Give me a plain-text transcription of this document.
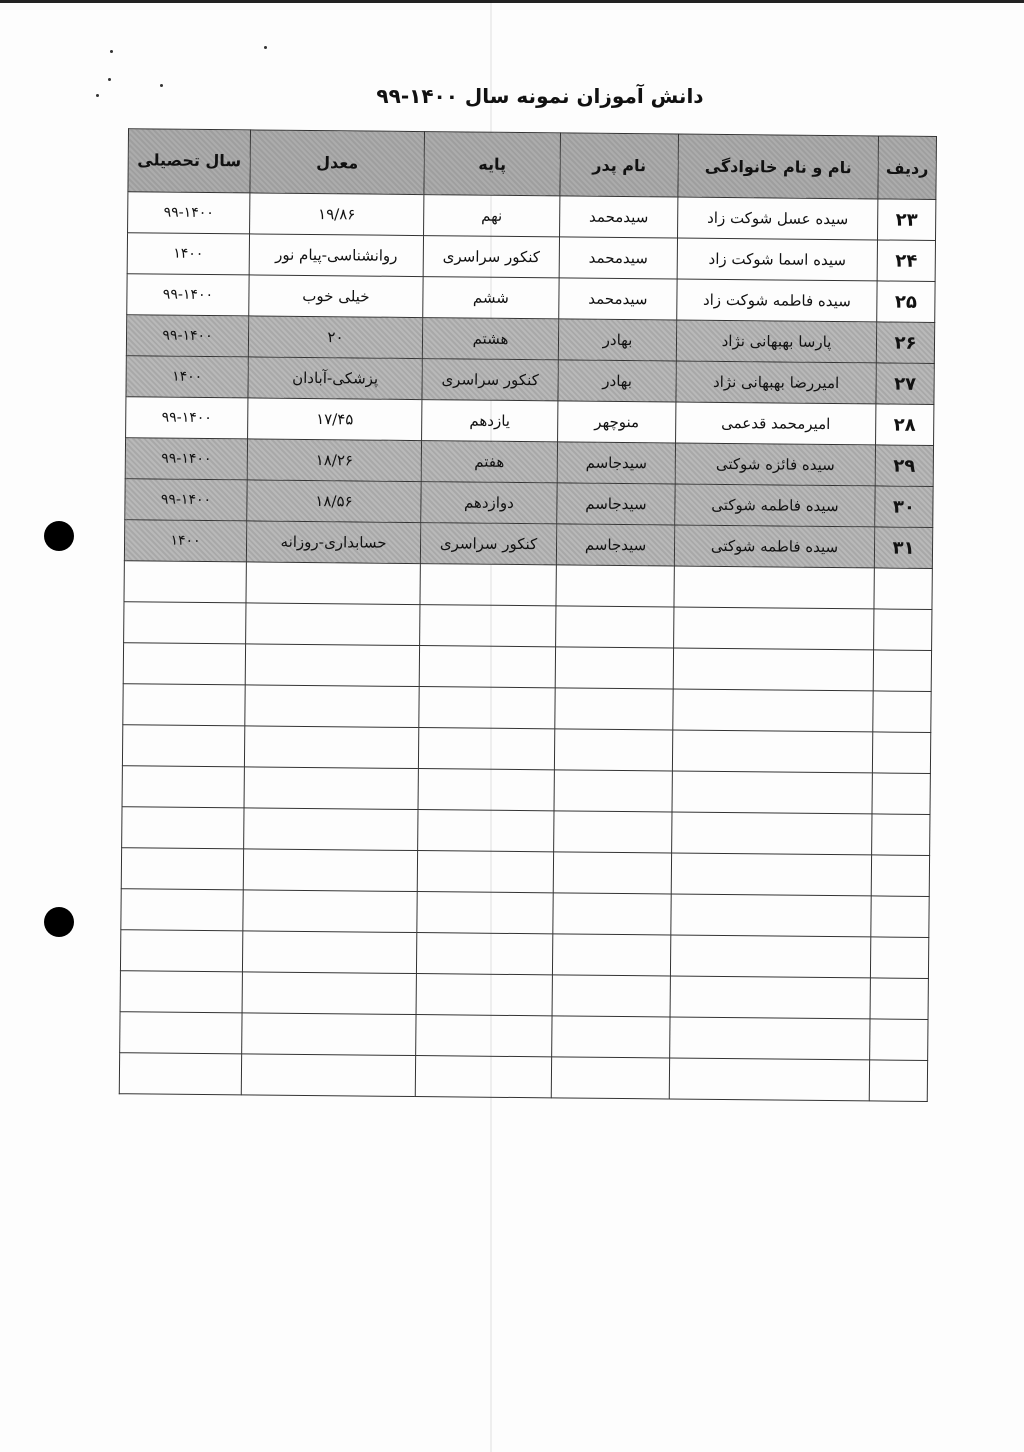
دانش آموزان نمونه سال ۱۴۰۰-۹۹
ردیف	نام و نام خانوادگی	نام پدر	پایه	معدل	سال تحصیلی
۲۳	سیده عسل شوکت زاد	سیدمحمد	نهم	۱۹/۸۶	۹۹-۱۴۰۰
۲۴	سیده اسما شوکت زاد	سیدمحمد	کنکور سراسری	روانشناسی-پیام نور	۱۴۰۰
۲۵	سیده فاطمه شوکت زاد	سیدمحمد	ششم	خیلی خوب	۹۹-۱۴۰۰
۲۶	پارسا بهبهانی نژاد	بهادر	هشتم	۲۰	۹۹-۱۴۰۰
۲۷	امیررضا بهبهانی نژاد	بهادر	کنکور سراسری	پزشکی-آبادان	۱۴۰۰
۲۸	امیرمحمد قدعمی	منوچهر	یازدهم	۱۷/۴۵	۹۹-۱۴۰۰
۲۹	سیده فائزه شوکتی	سیدجاسم	هفتم	۱۸/۲۶	۹۹-۱۴۰۰
۳۰	سیده فاطمه شوکتی	سیدجاسم	دوازدهم	۱۸/۵۶	۹۹-۱۴۰۰
۳۱	سیده فاطمه شوکتی	سیدجاسم	کنکور سراسری	حسابداری-روزانه	۱۴۰۰
